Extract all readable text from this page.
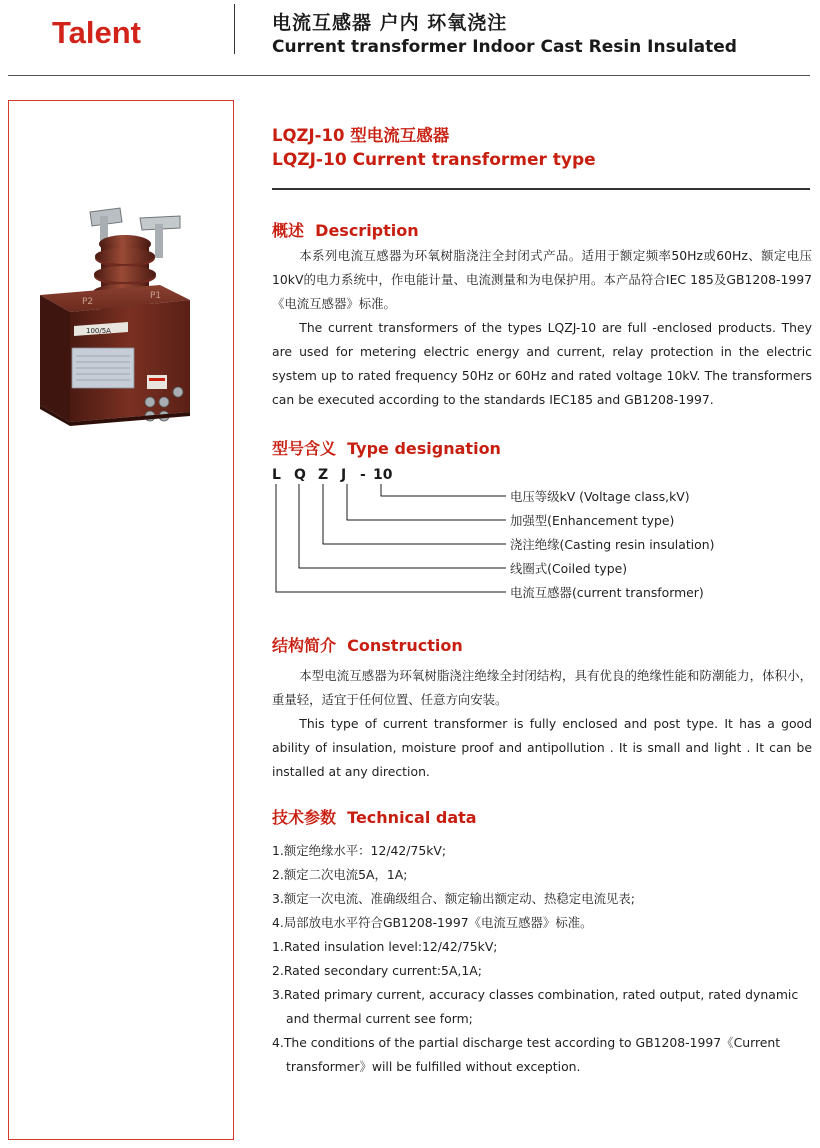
Talent	电流互感器 户内 环氧浇注
Current transformer Indoor Cast Resin Insulated
P2
P1
100/5A
LQZJ-10 型电流互感器
LQZJ-10 Current transformer type
概述 Description

本系列电流互感器为环氧树脂浇注全封闭式产品。适用于额定频率50Hz或60Hz、额定电压10kV的电力系统中，作电能计量、电流测量和为电保护用。本产品符合IEC 185及GB1208-1997《电流互感器》标准。

The current transformers of the types LQZJ-10 are full -enclosed products. They are used for metering electric energy and current, relay protection in the electric system up to rated frequency 50Hz or 60Hz and rated voltage 10kV. The transformers can be executed according to the standards IEC185 and GB1208-1997.

型号含义 Type designation
L Q Z J - 10
电压等级kV (Voltage class,kV)
加强型(Enhancement type)
浇注绝缘(Casting resin insulation)
线圈式(Coiled type)
电流互感器(current transformer)
结构简介 Construction

本型电流互感器为环氧树脂浇注绝缘全封闭结构，具有优良的绝缘性能和防潮能力，体积小，重量轻，适宜于任何位置、任意方向安装。

This type of current transformer is fully enclosed and post type. It has a good ability of insulation, moisture proof and antipollution . It is small and light . It can be installed at any direction.

技术参数 Technical data
1.额定绝缘水平：12/42/75kV;
2.额定二次电流5A，1A;
3.额定一次电流、准确级组合、额定输出额定动、热稳定电流见表;
4.局部放电水平符合GB1208-1997《电流互感器》标准。
1.Rated insulation level:12/42/75kV;
2.Rated secondary current:5A,1A;
3.Rated primary current, accuracy classes combination, rated output, rated dynamic and thermal current see form;
4.The conditions of the partial discharge test according to GB1208-1997《Current transformer》will be fulfilled without exception.
